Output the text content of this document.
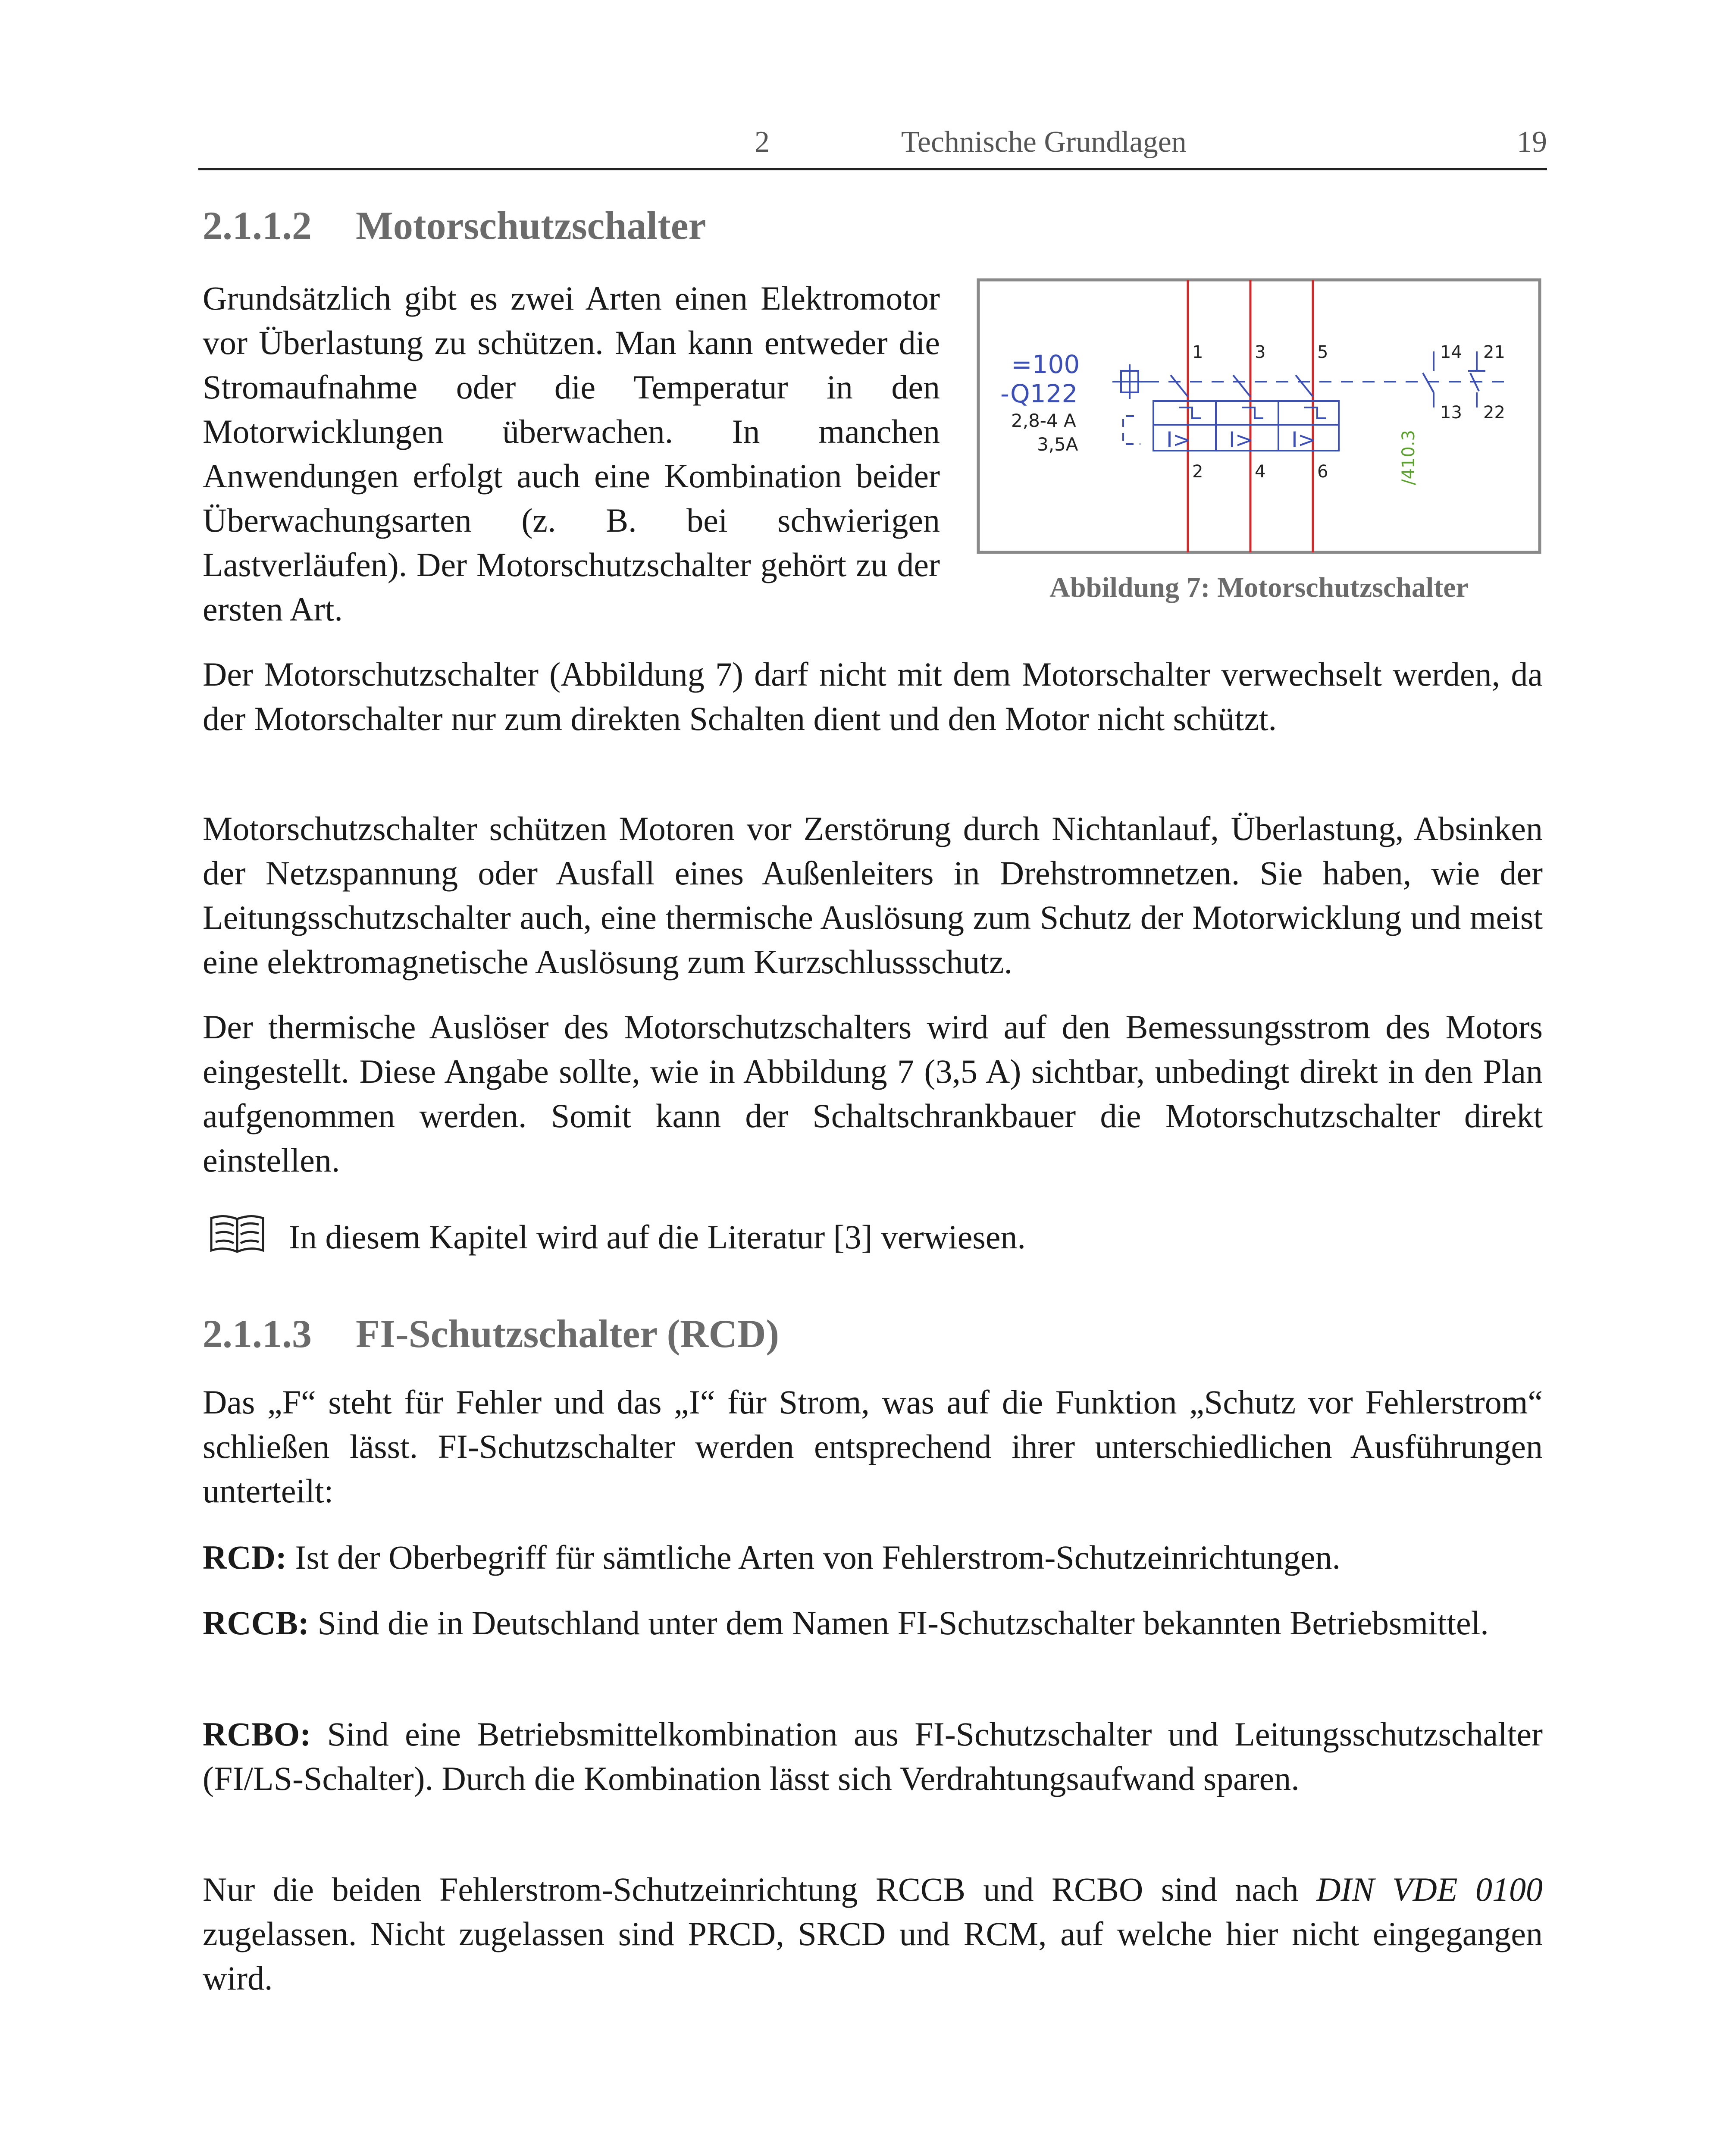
2	Technische Grundlagen	19
2.1.1.2 Motorschutzschalter
Grundsätzlich gibt es zwei Arten einen Elektromotor vor Überlastung zu schützen. Man kann entweder die Stromaufnahme oder die Temperatur in den Motorwicklungen überwachen. In manchen Anwendungen erfolgt auch eine Kombination beider Überwachungsarten (z. B. bei schwierigen Lastverläufen). Der Motorschutzschalter gehört zu der ersten Art.
=100
-Q122
2,8-4 A
3,5A	I> I> I>
1	3	5	14 21
2	4	6
13 22
/410.3
Abbildung 7: Motorschutzschalter
Der Motorschutzschalter (Abbildung 7) darf nicht mit dem Motorschalter verwechselt werden, da der Motorschalter nur zum direkten Schalten dient und den Motor nicht schützt.
Motorschutzschalter schützen Motoren vor Zerstörung durch Nichtanlauf, Überlastung, Absinken der Netzspannung oder Ausfall eines Außenleiters in Drehstromnetzen. Sie haben, wie der Leitungsschutzschalter auch, eine thermische Auslösung zum Schutz der Motorwicklung und meist eine elektromagnetische Auslösung zum Kurzschlussschutz.
Der thermische Auslöser des Motorschutzschalters wird auf den Bemessungsstrom des Motors eingestellt. Diese Angabe sollte, wie in Abbildung 7 (3,5 A) sichtbar, unbedingt direkt in den Plan aufgenommen werden. Somit kann der Schaltschrankbauer die Motorschutzschalter direkt einstellen.
In diesem Kapitel wird auf die Literatur [3] verwiesen.
2.1.1.3 FI-Schutzschalter (RCD)
Das „F“ steht für Fehler und das „I“ für Strom, was auf die Funktion „Schutz vor Fehlerstrom“ schließen lässt. FI-Schutzschalter werden entsprechend ihrer unterschiedlichen Ausführungen unterteilt:
RCD: Ist der Oberbegriff für sämtliche Arten von Fehlerstrom-Schutzeinrichtungen.
RCCB: Sind die in Deutschland unter dem Namen FI-Schutzschalter bekannten Betriebsmittel.
RCBO: Sind eine Betriebsmittelkombination aus FI-Schutzschalter und Leitungsschutzschalter (FI/LS-Schalter). Durch die Kombination lässt sich Verdrahtungsaufwand sparen.
Nur die beiden Fehlerstrom-Schutzeinrichtung RCCB und RCBO sind nach DIN VDE 0100 zugelassen. Nicht zugelassen sind PRCD, SRCD und RCM, auf welche hier nicht eingegangen wird.
